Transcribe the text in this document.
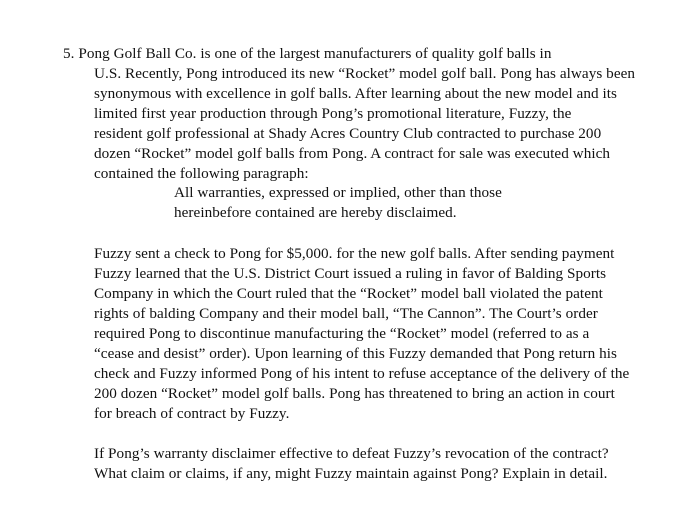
5. Pong Golf Ball Co. is one of the largest manufacturers of quality golf balls in
U.S. Recently, Pong introduced its new “Rocket” model golf ball. Pong has always been
synonymous with excellence in golf balls. After learning about the new model and its
limited first year production through Pong’s promotional literature, Fuzzy, the
resident golf professional at Shady Acres Country Club contracted to purchase 200
dozen “Rocket” model golf balls from Pong. A contract for sale was executed which
contained the following paragraph:
All warranties, expressed or implied, other than those
hereinbefore contained are hereby disclaimed.
Fuzzy sent a check to Pong for $5,000. for the new golf balls. After sending payment
Fuzzy learned that the U.S. District Court issued a ruling in favor of Balding Sports
Company in which the Court ruled that the “Rocket” model ball violated the patent
rights of balding Company and their model ball, “The Cannon”. The Court’s order
required Pong to discontinue manufacturing the “Rocket” model (referred to as a
“cease and desist” order). Upon learning of this Fuzzy demanded that Pong return his
check and Fuzzy informed Pong of his intent to refuse acceptance of the delivery of the
200 dozen “Rocket” model golf balls. Pong has threatened to bring an action in court
for breach of contract by Fuzzy.
If Pong’s warranty disclaimer effective to defeat Fuzzy’s revocation of the contract?
What claim or claims, if any, might Fuzzy maintain against Pong? Explain in detail.
